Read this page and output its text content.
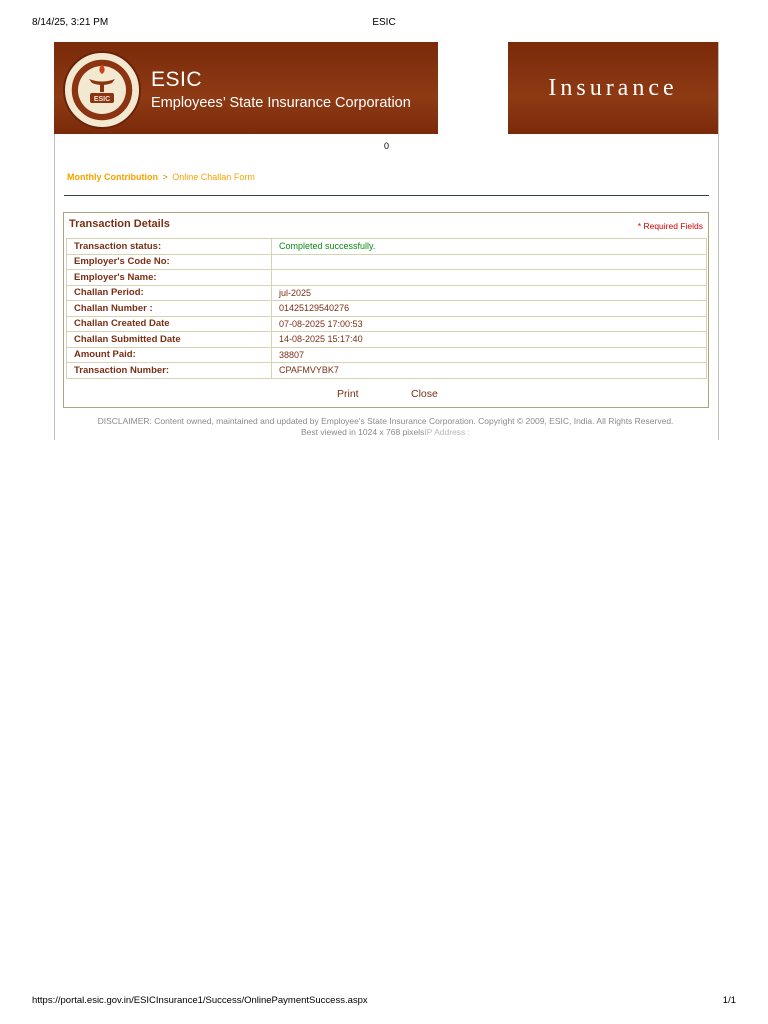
8/14/25, 3:21 PM	ESIC
ESIC
ESIC
Employees’ State Insurance Corporation
Insurance
0
Monthly Contribution > Online Challan Form
Transaction Details	* Required Fields
Transaction status:	Completed successfully.
Employer's Code No:	
Employer's Name:	
Challan Period:	jul-2025
Challan Number :	01425129540276
Challan Created Date	07-08-2025 17:00:53
Challan Submitted Date	14-08-2025 15:17:40
Amount Paid:	38807
Transaction Number:	CPAFMVYBK7
Print	Close
DISCLAIMER: Content owned, maintained and updated by Employee's State Insurance Corporation. Copyright © 2009, ESIC, India. All Rights Reserved.
Best viewed in 1024 x 768 pixelsIP Address :
https://portal.esic.gov.in/ESICInsurance1/Success/OnlinePaymentSuccess.aspx	1/1
